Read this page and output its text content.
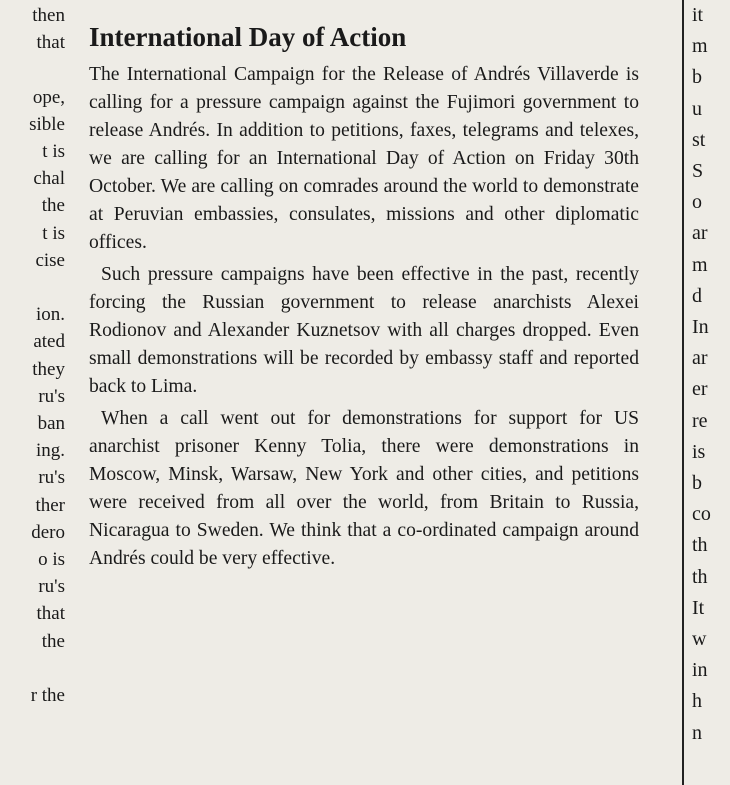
then
that
ope,
sible
t is
chal
the
t is
cise
ion.
ated
they
ru's
ban
ing.
ru's
ther
dero
o is
ru's
that
the
r the
International Day of Action

The International Campaign for the Release of Andrés Villaverde is calling for a pressure campaign against the Fujimori government to release Andrés. In addition to petitions, faxes, telegrams and telexes, we are calling for an International Day of Action on Friday 30th October. We are calling on comrades around the world to demonstrate at Peruvian embassies, consulates, missions and other diplomatic offices.

Such pressure campaigns have been effective in the past, recently forcing the Russian government to release anarchists Alexei Rodionov and Alexander Kuznetsov with all charges dropped. Even small demonstrations will be recorded by embassy staff and reported back to Lima.

When a call went out for demonstrations for support for US anarchist prisoner Kenny Tolia, there were demonstrations in Moscow, Minsk, Warsaw, New York and other cities, and petitions were received from all over the world, from Britain to Russia, Nicaragua to Sweden. We think that a co-ordinated campaign around Andrés could be very effective.

it
m
b
u
st
S
o
ar
m
d
In
ar
er
re
is
b
co
th
th
It
w
in
h
n
